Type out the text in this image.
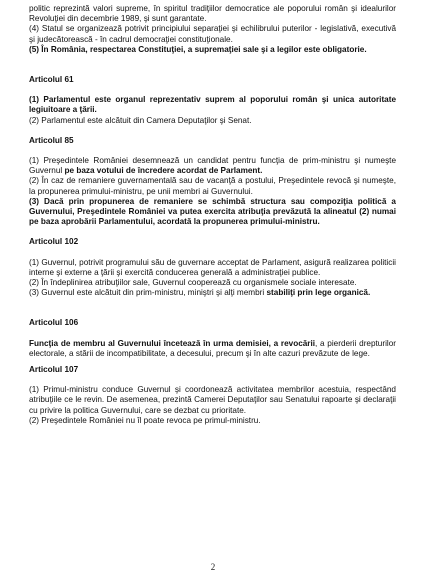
politic reprezintă valori supreme, în spiritul tradiţiilor democratice ale poporului român şi idealurilor Revoluţiei din decembrie 1989, şi sunt garantate.

(4) Statul se organizează potrivit principiului separaţiei şi echilibrului puterilor - legislativă, executivă şi judecătorească - în cadrul democraţiei constituţionale.

(5) În România, respectarea Constituţiei, a supremaţiei sale şi a legilor este obligatorie.

Articolul 61

(1) Parlamentul este organul reprezentativ suprem al poporului român şi unica autoritate legiuitoare a ţării.

(2) Parlamentul este alcătuit din Camera Deputaţilor şi Senat.

Articolul 85

(1) Preşedintele României desemnează un candidat pentru funcţia de prim-ministru şi numeşte Guvernul pe baza votului de încredere acordat de Parlament.

(2) În caz de remaniere guvernamentală sau de vacanţă a postului, Preşedintele revocă şi numeşte, la propunerea primului-ministru, pe unii membri ai Guvernului.

(3) Dacă prin propunerea de remaniere se schimbă structura sau compoziţia politică a Guvernului, Preşedintele României va putea exercita atribuţia prevăzută la alineatul (2) numai pe baza aprobării Parlamentului, acordată la propunerea primului-ministru.

Articolul 102

(1) Guvernul, potrivit programului său de guvernare acceptat de Parlament, asigură realizarea politicii interne şi externe a ţării şi exercită conducerea generală a administraţiei publice.

(2) În îndeplinirea atribuţiilor sale, Guvernul cooperează cu organismele sociale interesate.

(3) Guvernul este alcătuit din prim-ministru, miniştri şi alţi membri stabiliţi prin lege organică.

Articolul 106

Funcţia de membru al Guvernului încetează în urma demisiei, a revocării, a pierderii drepturilor electorale, a stării de incompatibilitate, a decesului, precum şi în alte cazuri prevăzute de lege.

Articolul 107

(1) Primul-ministru conduce Guvernul şi coordonează activitatea membrilor acestuia, respectând atribuţiile ce le revin. De asemenea, prezintă Camerei Deputaţilor sau Senatului rapoarte şi declaraţii cu privire la politica Guvernului, care se dezbat cu prioritate.

(2) Preşedintele României nu îl poate revoca pe primul-ministru.

2
